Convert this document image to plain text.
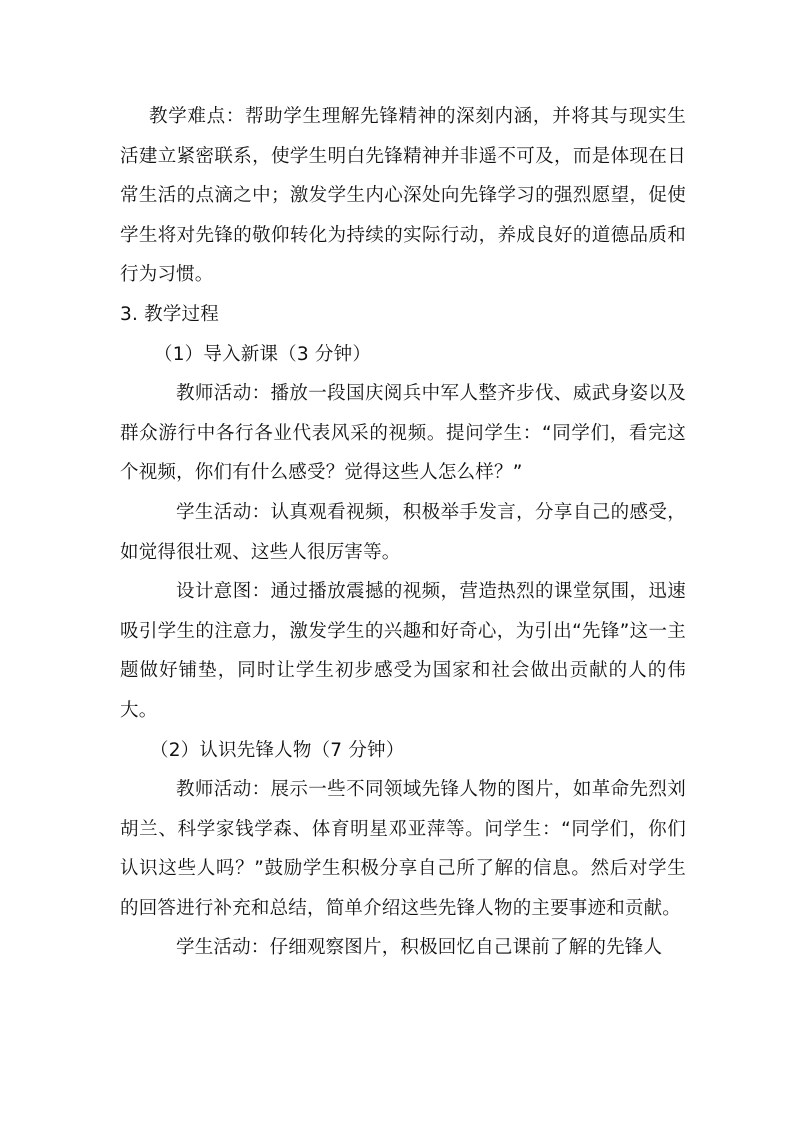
教学难点：帮助学生理解先锋精神的深刻内涵，并将其与现实生活建立紧密联系，使学生明白先锋精神并非遥不可及，而是体现在日常生活的点滴之中；激发学生内心深处向先锋学习的强烈愿望，促使学生将对先锋的敬仰转化为持续的实际行动，养成良好的道德品质和行为习惯。

3. 教学过程

（1）导入新课（3 分钟）

教师活动：播放一段国庆阅兵中军人整齐步伐、威武身姿以及群众游行中各行各业代表风采的视频。提问学生：“同学们，看完这个视频，你们有什么感受？觉得这些人怎么样？”

学生活动：认真观看视频，积极举手发言，分享自己的感受，如觉得很壮观、这些人很厉害等。

设计意图：通过播放震撼的视频，营造热烈的课堂氛围，迅速吸引学生的注意力，激发学生的兴趣和好奇心，为引出“先锋”这一主题做好铺垫，同时让学生初步感受为国家和社会做出贡献的人的伟大。

（2）认识先锋人物（7 分钟）

教师活动：展示一些不同领域先锋人物的图片，如革命先烈刘胡兰、科学家钱学森、体育明星邓亚萍等。问学生：“同学们，你们认识这些人吗？”鼓励学生积极分享自己所了解的信息。然后对学生的回答进行补充和总结，简单介绍这些先锋人物的主要事迹和贡献。

学生活动：仔细观察图片，积极回忆自己课前了解的先锋人
